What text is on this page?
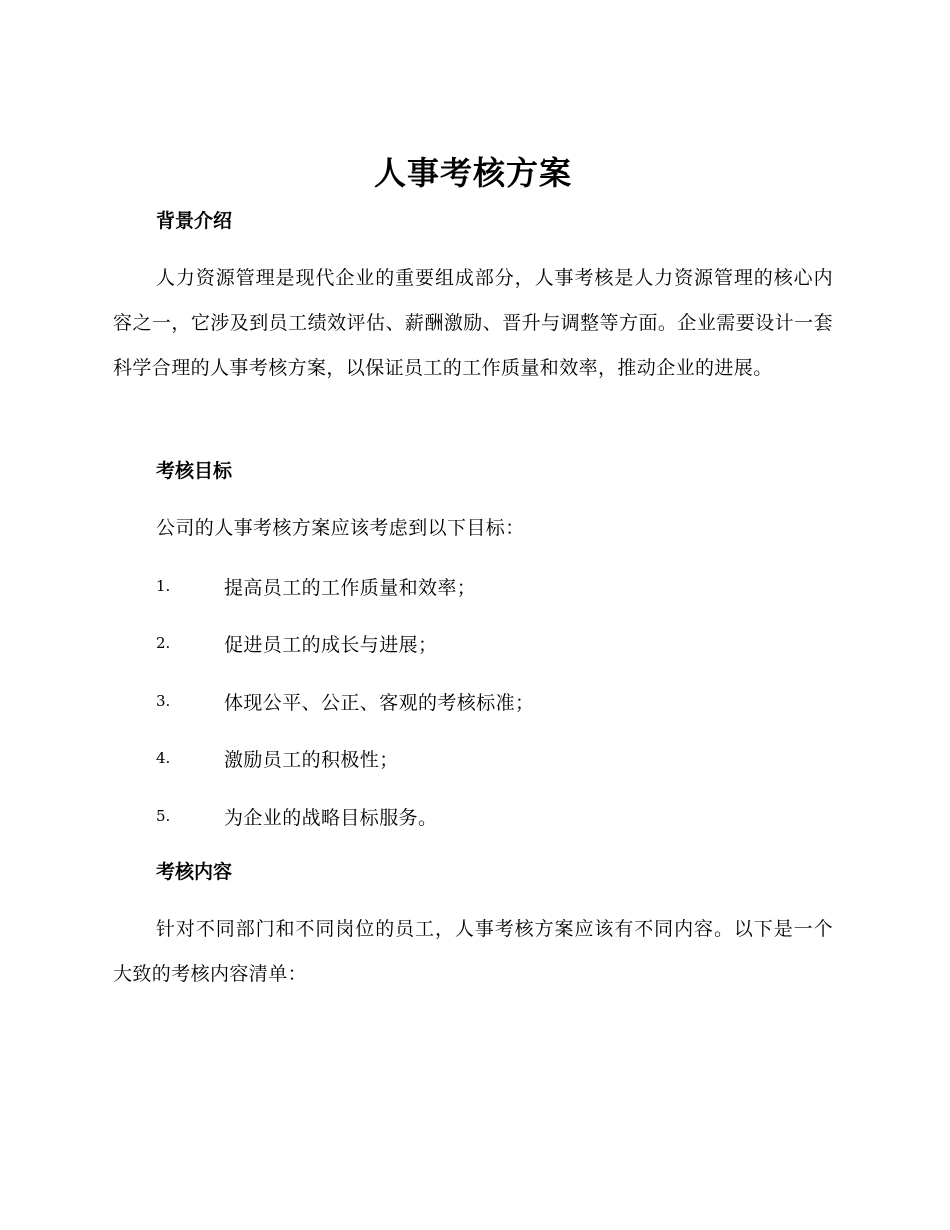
人事考核方案
背景介绍
人力资源管理是现代企业的重要组成部分，人事考核是人力资源管理的核心内容之一，它涉及到员工绩效评估、薪酬激励、晋升与调整等方面。企业需要设计一套科学合理的人事考核方案，以保证员工的工作质量和效率，推动企业的进展。
考核目标
公司的人事考核方案应该考虑到以下目标：
1.	提高员工的工作质量和效率；
2.	促进员工的成长与进展；
3.	体现公平、公正、客观的考核标准；
4.	激励员工的积极性；
5.	为企业的战略目标服务。
考核内容
针对不同部门和不同岗位的员工，人事考核方案应该有不同内容。以下是一个大致的考核内容清单：
